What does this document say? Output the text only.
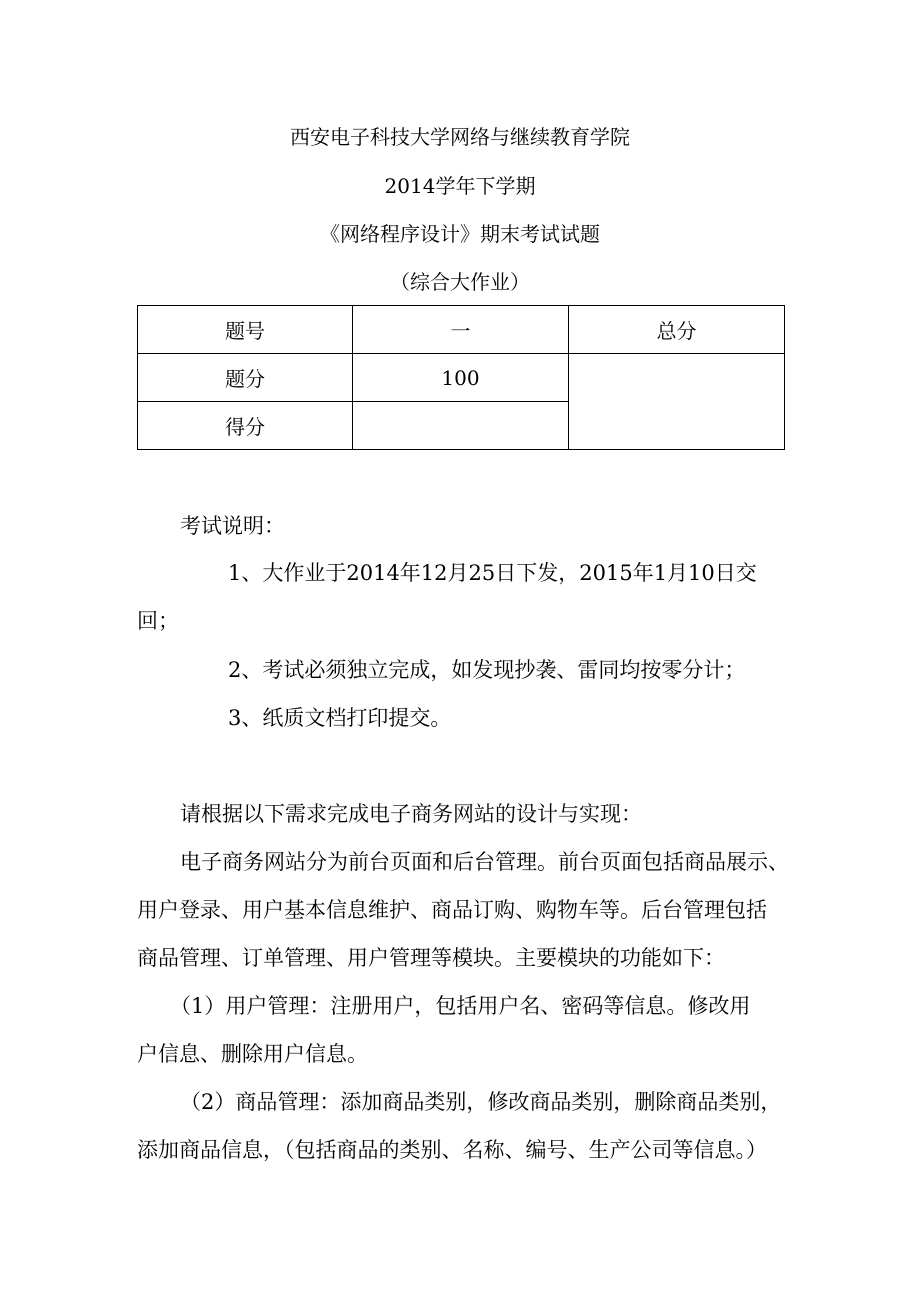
西安电子科技大学网络与继续教育学院
2014学年下学期
《网络程序设计》期末考试试题
（综合大作业）
题号	一	总分
题分	100	
得分		
考试说明：
1、大作业于2014年12月25日下发，2015年1月10日交
回；
2、考试必须独立完成，如发现抄袭、雷同均按零分计；
3、纸质文档打印提交。
请根据以下需求完成电子商务网站的设计与实现：
电子商务网站分为前台页面和后台管理。前台页面包括商品展示、
用户登录、用户基本信息维护、商品订购、购物车等。后台管理包括
商品管理、订单管理、用户管理等模块。主要模块的功能如下：
（1）用户管理：注册用户，包括用户名、密码等信息。修改用
户信息、删除用户信息。
（2）商品管理：添加商品类别，修改商品类别，删除商品类别，
添加商品信息，（包括商品的类别、名称、编号、生产公司等信息。）
